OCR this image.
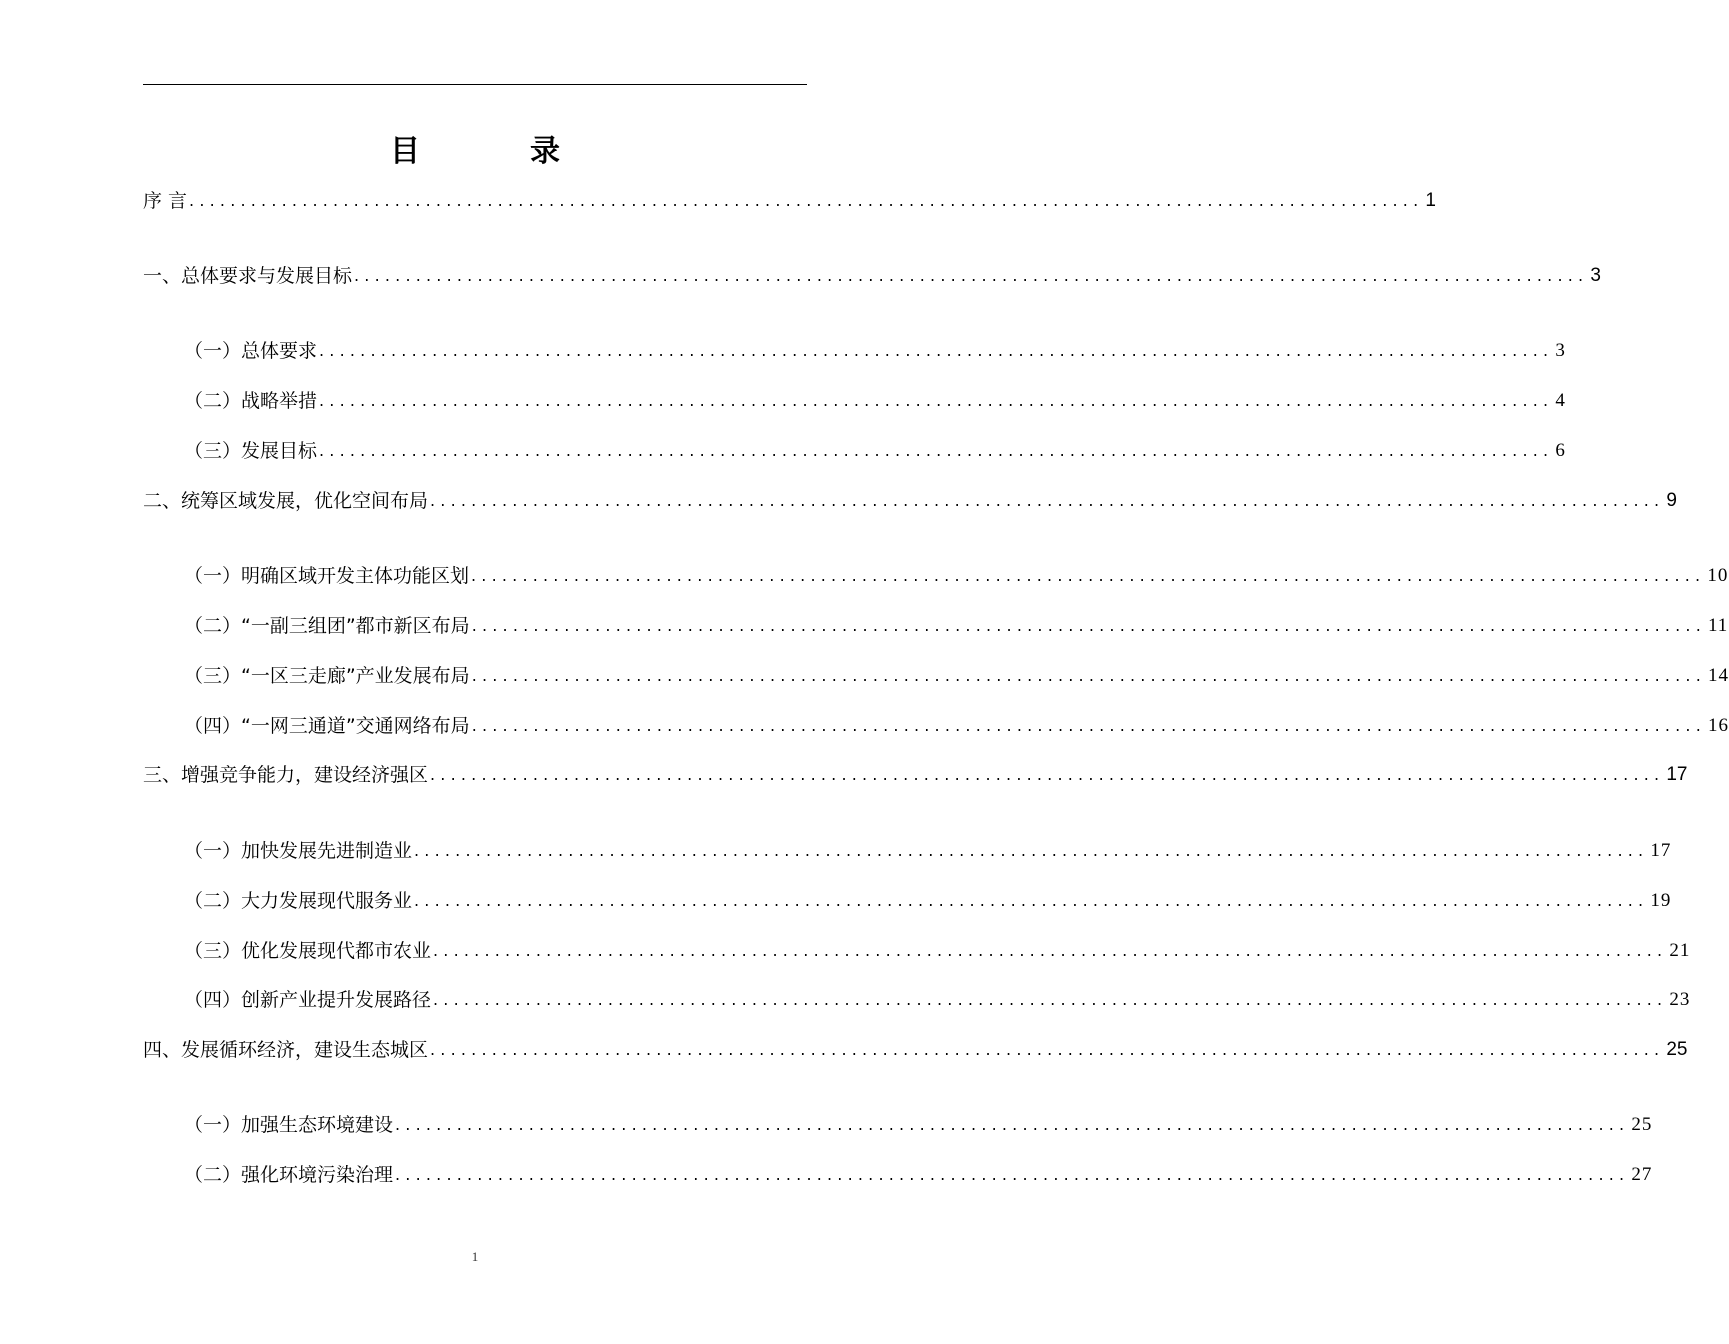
目　录
序 言 ........................................................................................................................ 1
一、总体要求与发展目标 ........................................................................................................................ 3
（一）总体要求 ........................................................................................................................ 3
（二）战略举措 ........................................................................................................................ 4
（三）发展目标 ........................................................................................................................ 6
二、统筹区域发展，优化空间布局 ........................................................................................................................ 9
（一）明确区域开发主体功能区划 ........................................................................................................................ 10
（二）“一副三组团”都市新区布局 ........................................................................................................................ 11
（三）“一区三走廊”产业发展布局 ........................................................................................................................ 14
（四）“一网三通道”交通网络布局 ........................................................................................................................ 16
三、增强竞争能力，建设经济强区 ........................................................................................................................ 17
（一）加快发展先进制造业 ........................................................................................................................ 17
（二）大力发展现代服务业 ........................................................................................................................ 19
（三）优化发展现代都市农业 ........................................................................................................................ 21
（四）创新产业提升发展路径 ........................................................................................................................ 23
四、发展循环经济，建设生态城区 ........................................................................................................................ 25
（一）加强生态环境建设 ........................................................................................................................ 25
（二）强化环境污染治理 ........................................................................................................................ 27
1
